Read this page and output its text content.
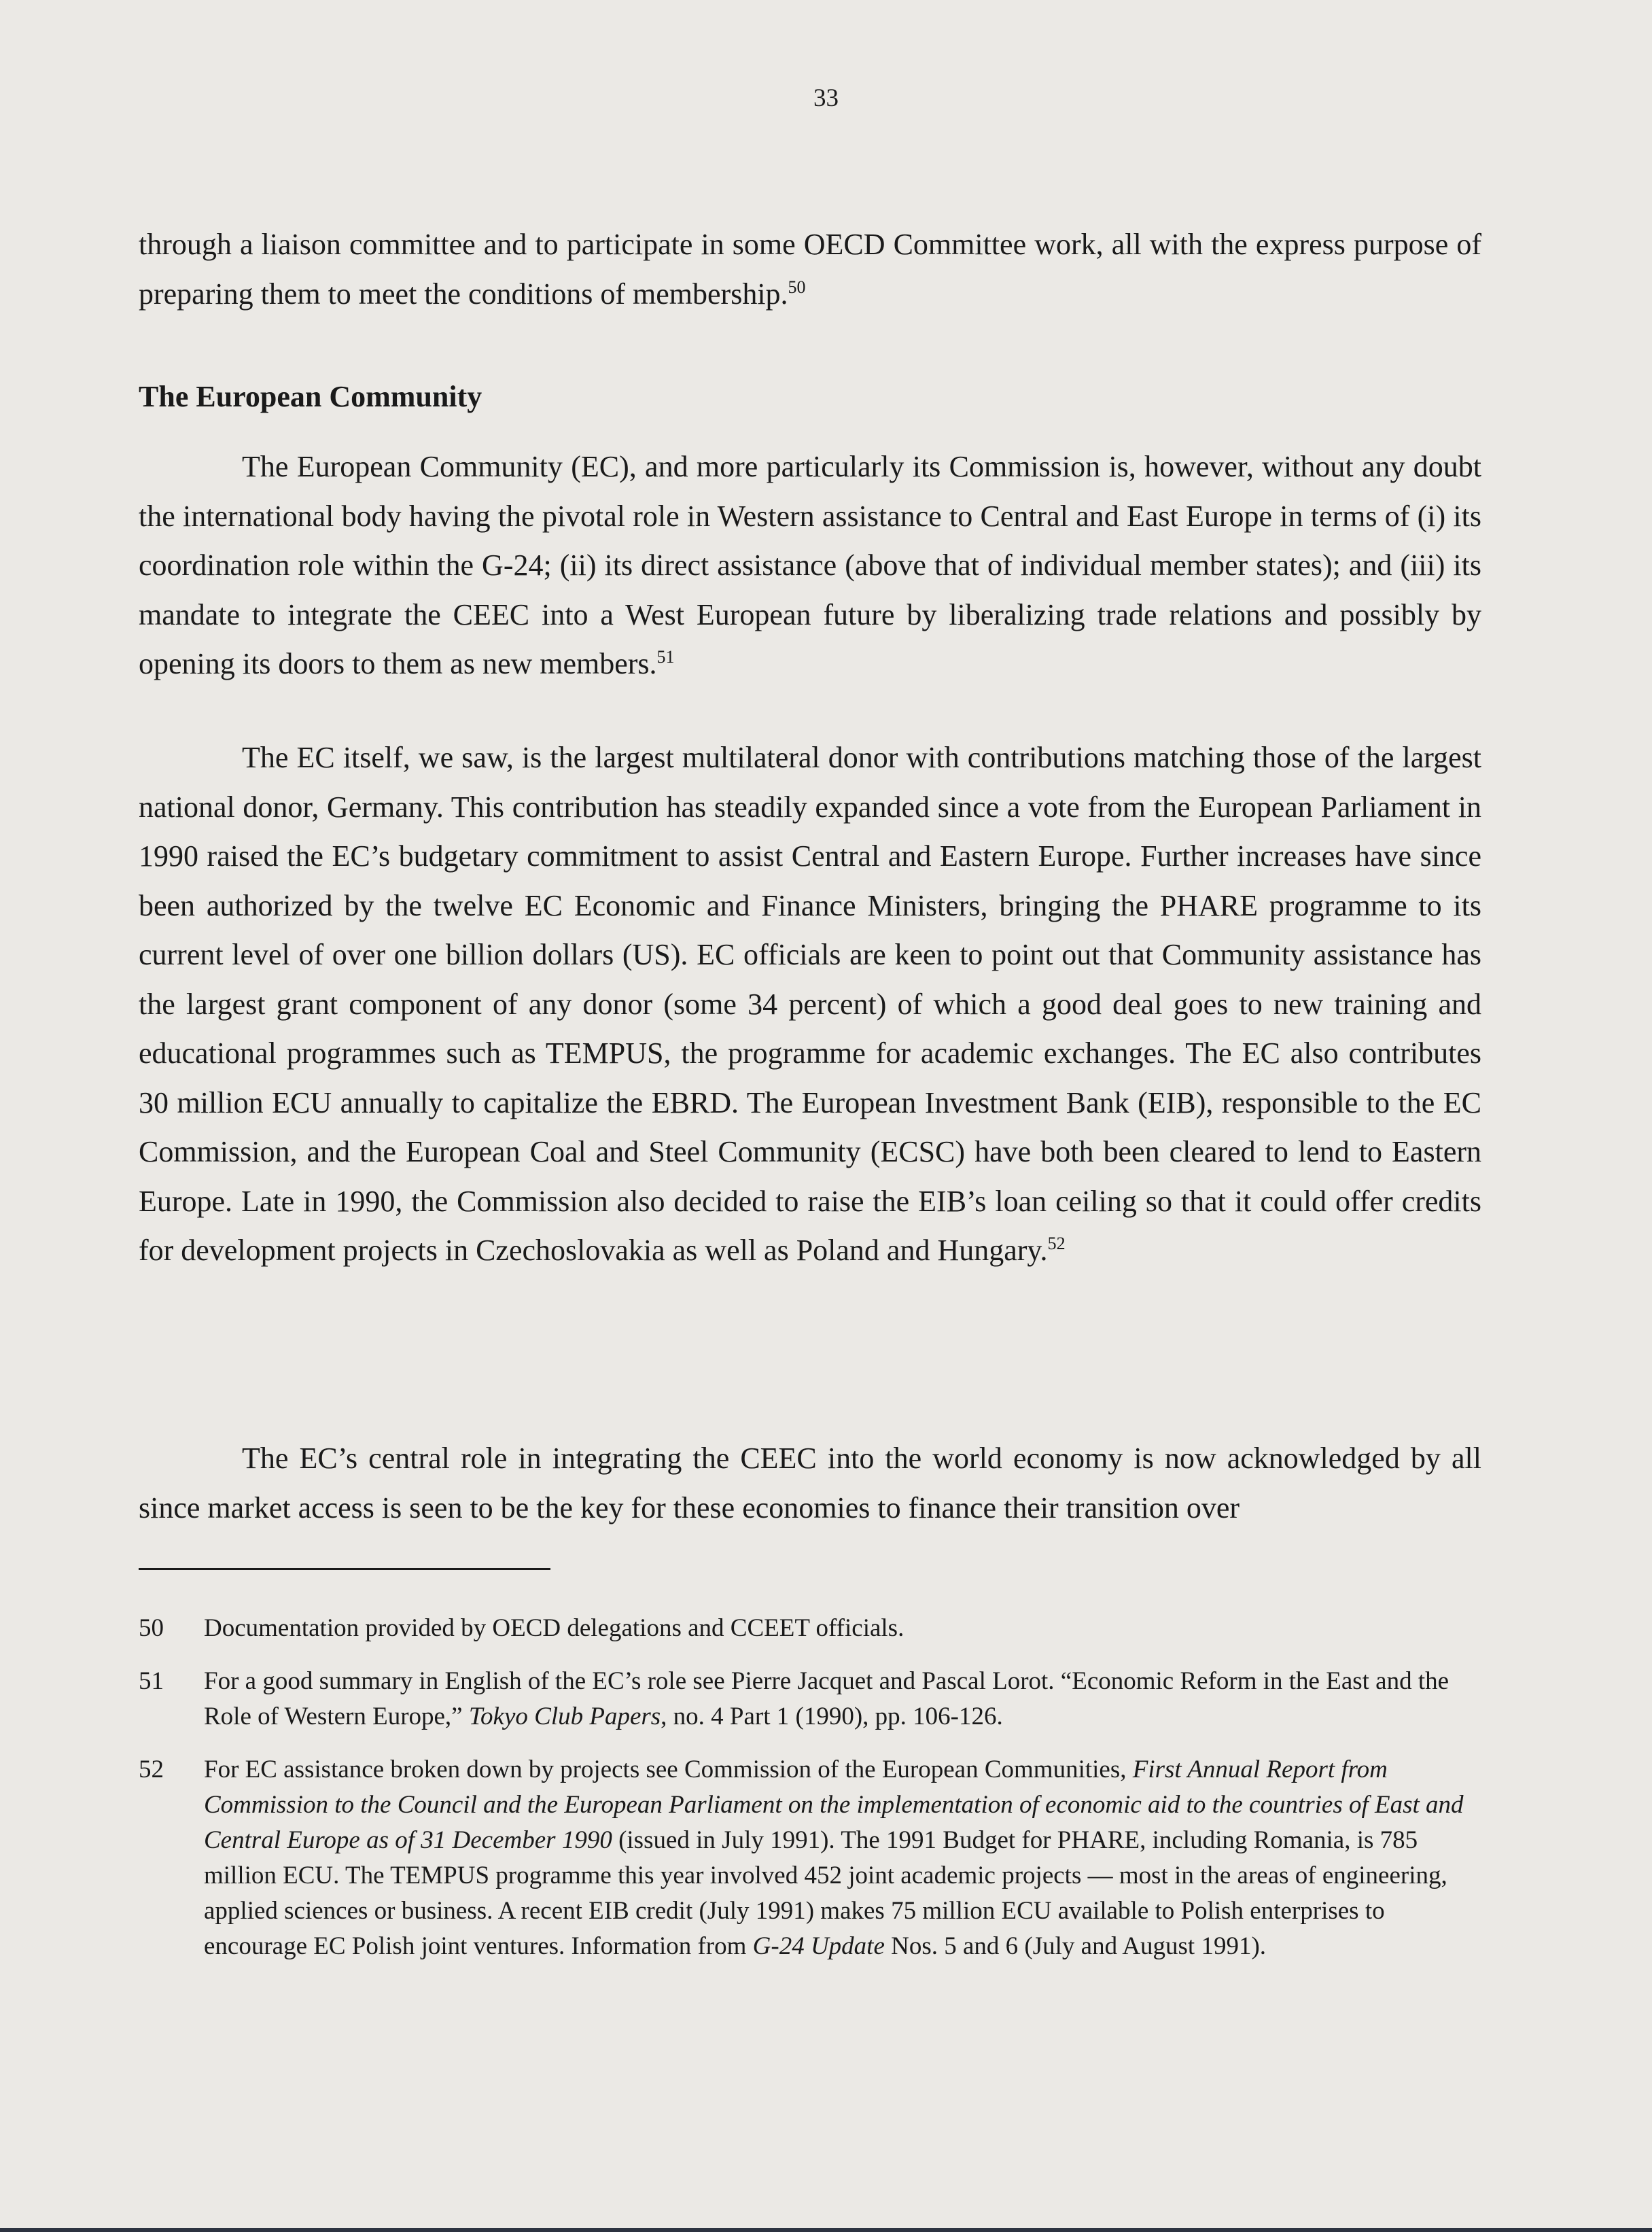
33

through a liaison committee and to participate in some OECD Committee work, all with the express purpose of preparing them to meet the conditions of membership.$^{50}$

The European Community

The European Community (EC), and more particularly its Commission is, however, without any doubt the international body having the pivotal role in Western assistance to Central and East Europe in terms of (i) its coordination role within the G-24; (ii) its direct assistance (above that of individual member states); and (iii) its mandate to integrate the CEEC into a West European future by liberalizing trade relations and possibly by opening its doors to them as new members.$^{51}$

The EC itself, we saw, is the largest multilateral donor with contributions matching those of the largest national donor, Germany. This contribution has steadily expanded since a vote from the European Parliament in 1990 raised the EC’s budgetary commitment to assist Central and Eastern Europe. Further increases have since been authorized by the twelve EC Economic and Finance Ministers, bringing the PHARE programme to its current level of over one billion dollars (US). EC officials are keen to point out that Community assistance has the largest grant component of any donor (some 34 percent) of which a good deal goes to new training and educational programmes such as TEMPUS, the programme for academic exchanges. The EC also contributes 30 million ECU annually to capitalize the EBRD. The European Investment Bank (EIB), responsible to the EC Commission, and the European Coal and Steel Community (ECSC) have both been cleared to lend to Eastern Europe. Late in 1990, the Commission also decided to raise the EIB’s loan ceiling so that it could offer credits for development projects in Czechoslovakia as well as Poland and Hungary.$^{52}$

The EC’s central role in integrating the CEEC into the world economy is now acknowledged by all since market access is seen to be the key for these economies to finance their transition over

50	Documentation provided by OECD delegations and CCEET officials.
51	For a good summary in English of the EC’s role see Pierre Jacquet and Pascal Lorot. “Economic Reform in the East and the Role of Western Europe,” Tokyo Club Papers, no. 4 Part 1 (1990), pp. 106-126.
52	For EC assistance broken down by projects see Commission of the European Communities, First Annual Report from Commission to the Council and the European Parliament on the implementation of economic aid to the countries of East and Central Europe as of 31 December 1990 (issued in July 1991). The 1991 Budget for PHARE, including Romania, is 785 million ECU. The TEMPUS programme this year involved 452 joint academic projects — most in the areas of engineering, applied sciences or business. A recent EIB credit (July 1991) makes 75 million ECU available to Polish enterprises to encourage EC Polish joint ventures. Information from G-24 Update Nos. 5 and 6 (July and August 1991).
